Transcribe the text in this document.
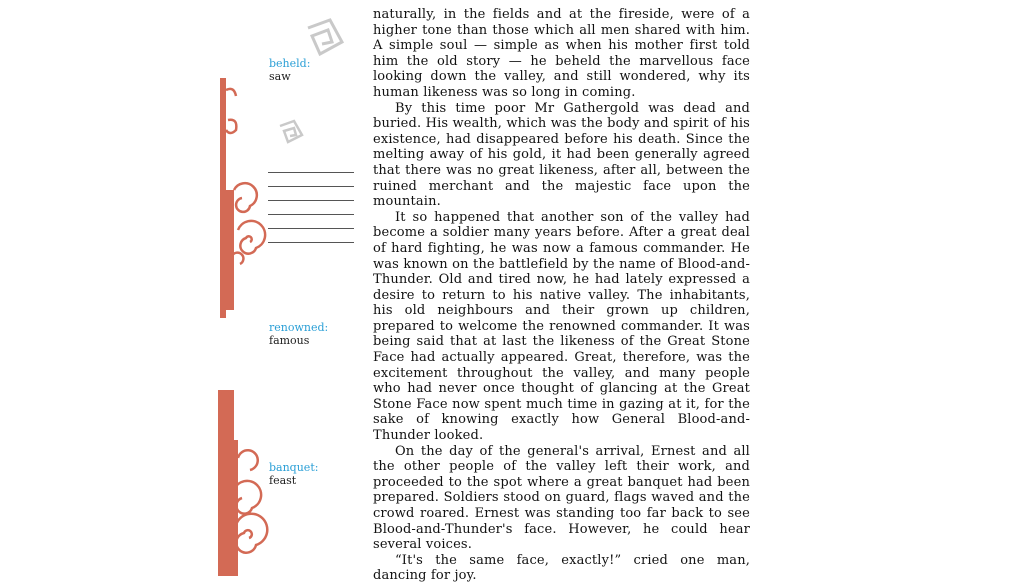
beheld:
saw
renowned:
famous
banquet:
feast

naturally, in the fields and at the fireside, were of a higher tone than those which all men shared with him. A simple soul — simple as when his mother first told him the old story — he beheld the marvellous face looking down the valley, and still wondered, why its human likeness was so long in coming.

By this time poor Mr Gathergold was dead and buried. His wealth, which was the body and spirit of his existence, had disappeared before his death. Since the melting away of his gold, it had been generally agreed that there was no great likeness, after all, between the ruined merchant and the majestic face upon the mountain.

It so happened that another son of the valley had become a soldier many years before. After a great deal of hard fighting, he was now a famous commander. He was known on the battlefield by the name of Blood-and-Thunder. Old and tired now, he had lately expressed a desire to return to his native valley. The inhabitants, his old neighbours and their grown up children, prepared to welcome the renowned commander. It was being said that at last the likeness of the Great Stone Face had actually appeared. Great, therefore, was the excitement throughout the valley, and many people who had never once thought of glancing at the Great Stone Face now spent much time in gazing at it, for the sake of knowing exactly how General Blood-and-Thunder looked.

On the day of the general's arrival, Ernest and all the other people of the valley left their work, and proceeded to the spot where a great banquet had been prepared. Soldiers stood on guard, flags waved and the crowd roared. Ernest was standing too far back to see Blood-and-Thunder's face. However, he could hear several voices.

“It's the same face, exactly!” cried one man, dancing for joy.
